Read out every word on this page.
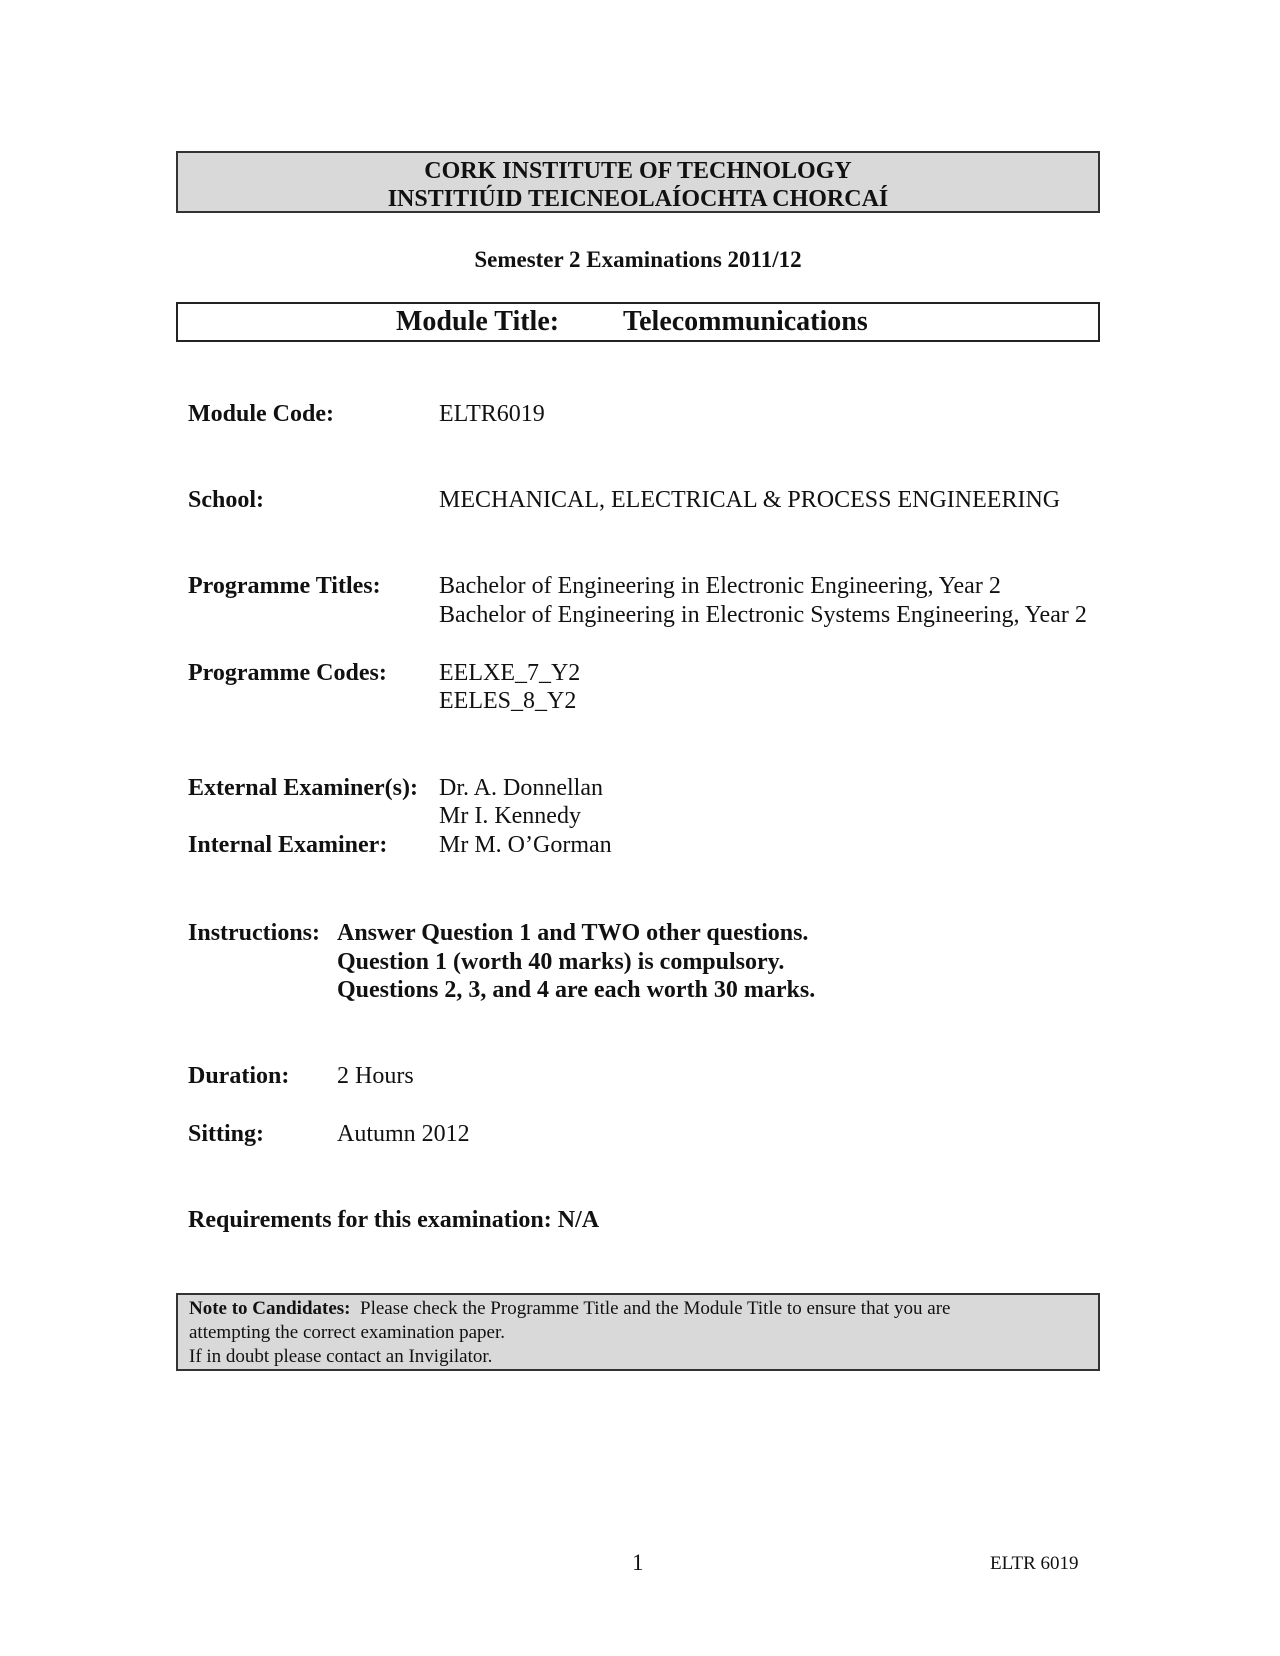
CORK INSTITUTE OF TECHNOLOGY
INSTITIÚID TEICNEOLAÍOCHTA CHORCAÍ
Semester 2 Examinations 2011/12
Module Title: Telecommunications
Module Code:	ELTR6019
School:	MECHANICAL, ELECTRICAL & PROCESS ENGINEERING
Programme Titles: Bachelor of Engineering in Electronic Engineering, Year 2
Bachelor of Engineering in Electronic Systems Engineering, Year 2
Programme Codes: EELXE_7_Y2
EELES_8_Y2
External Examiner(s): Dr. A. Donnellan
Mr I. Kennedy
Internal Examiner: Mr M. O’Gorman
Instructions: Answer Question 1 and TWO other questions.
Question 1 (worth 40 marks) is compulsory.
Questions 2, 3, and 4 are each worth 30 marks.
Duration: 2 Hours
Sitting:	Autumn 2012
Requirements for this examination: N/A
Note to Candidates: Please check the Programme Title and the Module Title to ensure that you are
attempting the correct examination paper.
If in doubt please contact an Invigilator.
1	ELTR 6019
